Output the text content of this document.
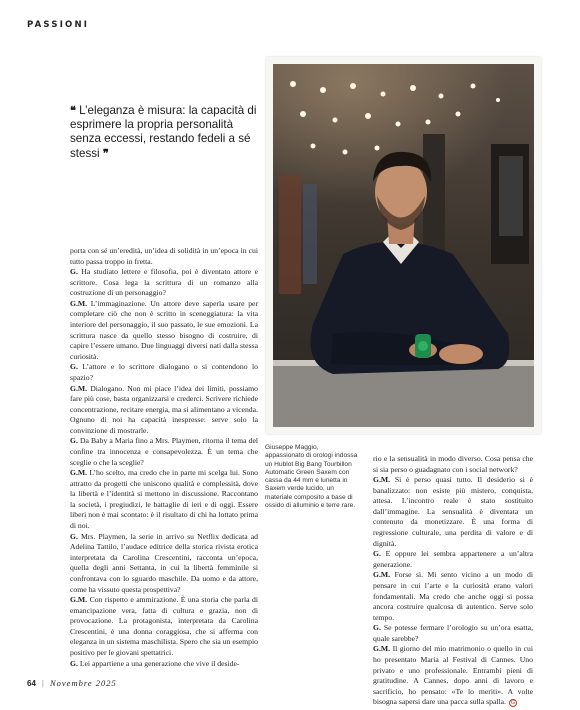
PASSIONI
❝ L’eleganza è misura: la capacità di esprimere la propria personalità senza eccessi, restando fedeli a sé stessi ❞
Giuseppe Maggio, appassionato di orologi indossa un Hublot Big Bang Tourbillon Automatic Green Saxem con cassa da 44 mm e lunetta in Saxem verde lucido, un materiale composito a base di ossido di alluminio e terre rare.

porta con sé un’eredità, un’idea di solidità in un’epoca in cui tutto passa troppo in fretta.

G. Ha studiato lettere e filosofia, poi è diventato attore e scrittore. Cosa lega la scrittura di un romanzo alla costruzione di un personaggio?

G.M. L’immaginazione. Un attore deve saperla usare per completare ciò che non è scritto in sceneggiatura: la vita interiore del personaggio, il suo passato, le sue emozioni. La scrittura nasce da quello stesso bisogno di costruire, di capire l’essere umano. Due linguaggi diversi nati dalla stessa curiosità.

G. L’attore e lo scrittore dialogano o si contendono lo spazio?

G.M. Dialogano. Non mi piace l’idea dei limiti, possiamo fare più cose, basta organizzarsi e crederci. Scrivere richiede concentrazione, recitare energia, ma si alimentano a vicenda. Ognuno di noi ha capacità inespresse: serve solo la convinzione di mostrarle.

G. Da Baby a Maria fino a Mrs. Playmen, ritorna il tema del confine tra innocenza e consapevolezza. È un tema che sceglie o che la sceglie?

G.M. L’ho scelto, ma credo che in parte mi scelga lui. Sono attratto da progetti che uniscono qualità e complessità, dove la libertà e l’identità si mettono in discussione. Raccontano la società, i pregiudizi, le battaglie di ieri e di oggi. Essere liberi non è mai scontato: è il risultato di chi ha lottato prima di noi.

G. Mrs. Playmen, la serie in arrivo su Netflix dedicata ad Adelina Tattilo, l’audace editrice della storica rivista erotica interpretata da Carolina Crescentini, racconta un’epoca, quella degli anni Settanta, in cui la libertà femminile si confrontava con lo sguardo maschile. Da uomo e da attore, come ha vissuto questa prospettiva?

G.M. Con rispetto e ammirazione. È una storia che parla di emancipazione vera, fatta di cultura e grazia, non di provocazione. La protagonista, interpretata da Carolina Crescentini, è una donna coraggiosa, che si afferma con eleganza in un sistema maschilista. Spero che sia un esempio positivo per le giovani spettatrici.

G. Lei appartiene a una generazione che vive il deside-

rio e la sensualità in modo diverso. Cosa pensa che si sia perso o guadagnato con i social network?

G.M. Si è perso quasi tutto. Il desiderio si è banalizzato: non esiste più mistero, conquista, attesa. L’incontro reale è stato sostituito dall’immagine. La sensualità è diventata un contenuto da monetizzare. È una forma di regressione culturale, una perdita di valore e di dignità.

G. E oppure lei sembra appartenere a un’altra generazione.

G.M. Forse sì. Mi sento vicino a un modo di pensare in cui l’arte e la curiosità erano valori fondamentali. Ma credo che anche oggi si possa ancora costruire qualcosa di autentico. Serve solo tempo.

G. Se potesse fermare l’orologio su un’ora esatta, quale sarebbe?

G.M. Il giorno del mio matrimonio o quello in cui ho presentato Maria al Festival di Cannes. Uno privato e uno professionale. Entrambi pieni di gratitudine. A Cannes, dopo anni di lavoro e sacrificio, ho pensato: «Te lo meriti». A volte bisogna sapersi dare una pacca sulla spalla. G

64 | Novembre 2025
